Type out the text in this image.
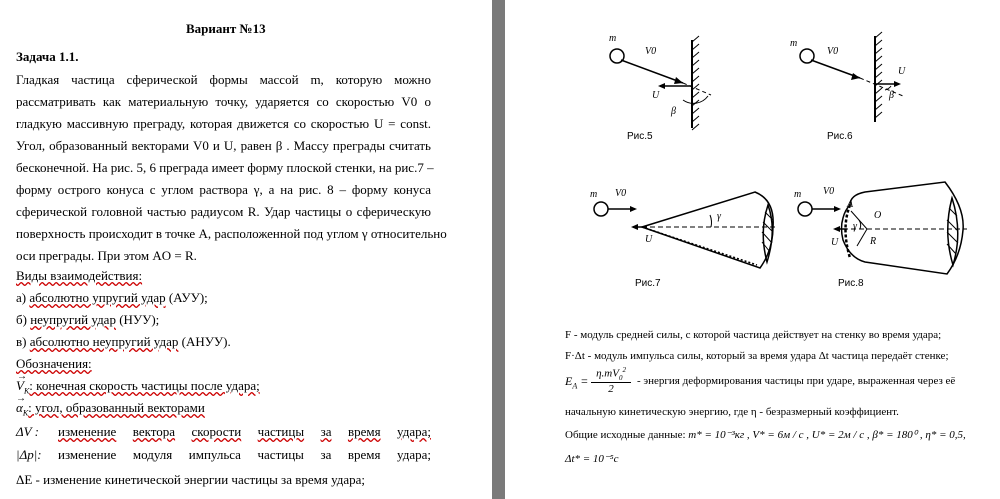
Вариант №13
Задача 1.1.
Гладкая частица сферической формы массой m, которую можно
рассматривать как материальную точку, ударяется со скоростью V0 о
гладкую массивную преграду, которая движется со скоростью U = const.
Угол, образованный векторами V0 и U, равен β . Массу преграды считать
бесконечной. На рис. 5, 6 преграда имеет форму плоской стенки, на рис.7 –
форму острого конуса с углом раствора γ, а на рис. 8 – форму конуса
сферической головной частью радиусом R. Удар частицы о сферическую
поверхность происходит в точке A, расположенной под углом γ относительно
оси преграды. При этом AO = R.
Виды взаимодействия:
а) абсолютно упругий удар (АУУ);
б) неупругий удар (НУУ);
в) абсолютно неупругий удар (АНУУ).
Обозначения:
V
→
$_K$: конечная скорость частицы после удара;
α
→
$_K$: угол, образованный векторами
ΔV :	изменение вектора скорости частицы за время удара;
|Δp|:	изменение модуля импульса частицы за время удара;
ΔE - изменение кинетической энергии частицы за время удара;
m
V0
U
β
Рис.5
m
V0
U
β
Рис.6
m V0
U
γ
Рис.7
m V0
A
O
γ
R
U
Рис.8
F - модуль средней силы, с которой частица действует на стенку во время удара;
F·Δt - модуль импульса силы, который за время удара Δt частица передаёт стенке;
$E_A$ =
$\eta.mV_0^2$
2
- энергия деформирования частицы при ударе, выраженная через её
начальную кинетическую энергию, где η - безразмерный коэффициент.
Общие исходные данные: m* = 10⁻³кг , V* = 6м / с , U* = 2м / с , β* = 180⁰ , η* = 0,5,
Δt* = 10⁻⁵c
